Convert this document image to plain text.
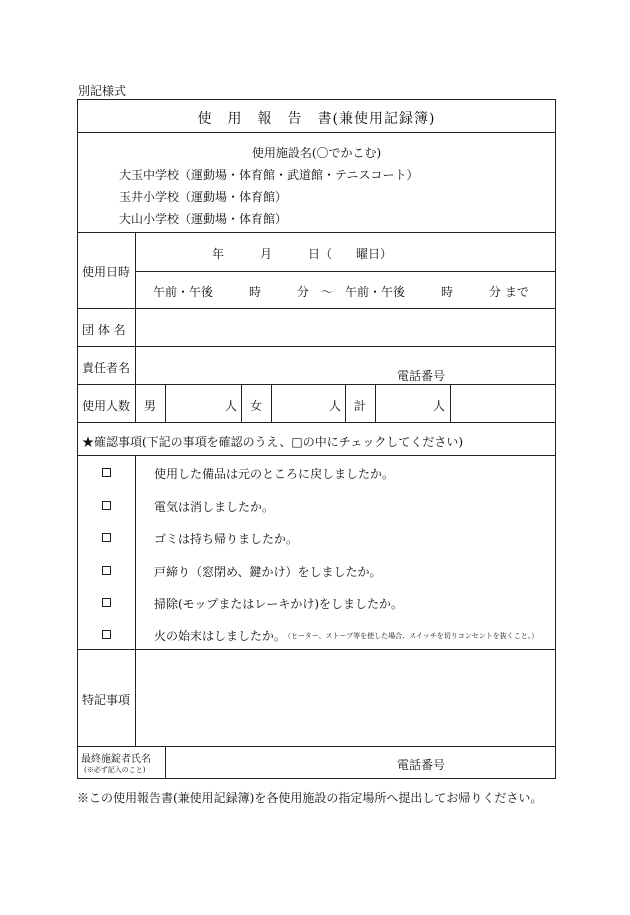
別記様式
使　用　報　告　書(兼使用記録簿)
使用施設名(〇でかこむ)
大玉中学校（運動場・体育館・武道館・テニスコート）
玉井小学校（運動場・体育館）
大山小学校（運動場・体育館）
使用日時
年　　　月　　　日（　　曜日）
午前・午後　　　時　　　分　〜　午前・午後　　　時　　　分 まで
団 体 名
責任者名
電話番号
使用人数 男	人 女	人 計	人
★確認事項(下記の事項を確認のうえ、□の中にチェックしてください)
使用した備品は元のところに戻しましたか。
電気は消しましたか。
ゴミは持ち帰りましたか。
戸締り（窓閉め、鍵かけ）をしましたか。
掃除(モップまたはレーキかけ)をしましたか。
火の始末はしましたか。
（ヒーター、ストーブ等を使した場合、スイッチを切りコンセントを抜くこと。）
特記事項
最終施錠者氏名
(※必ず記入のこと)	電話番号
※この使用報告書(兼使用記録簿)を各使用施設の指定場所へ提出してお帰りください。
